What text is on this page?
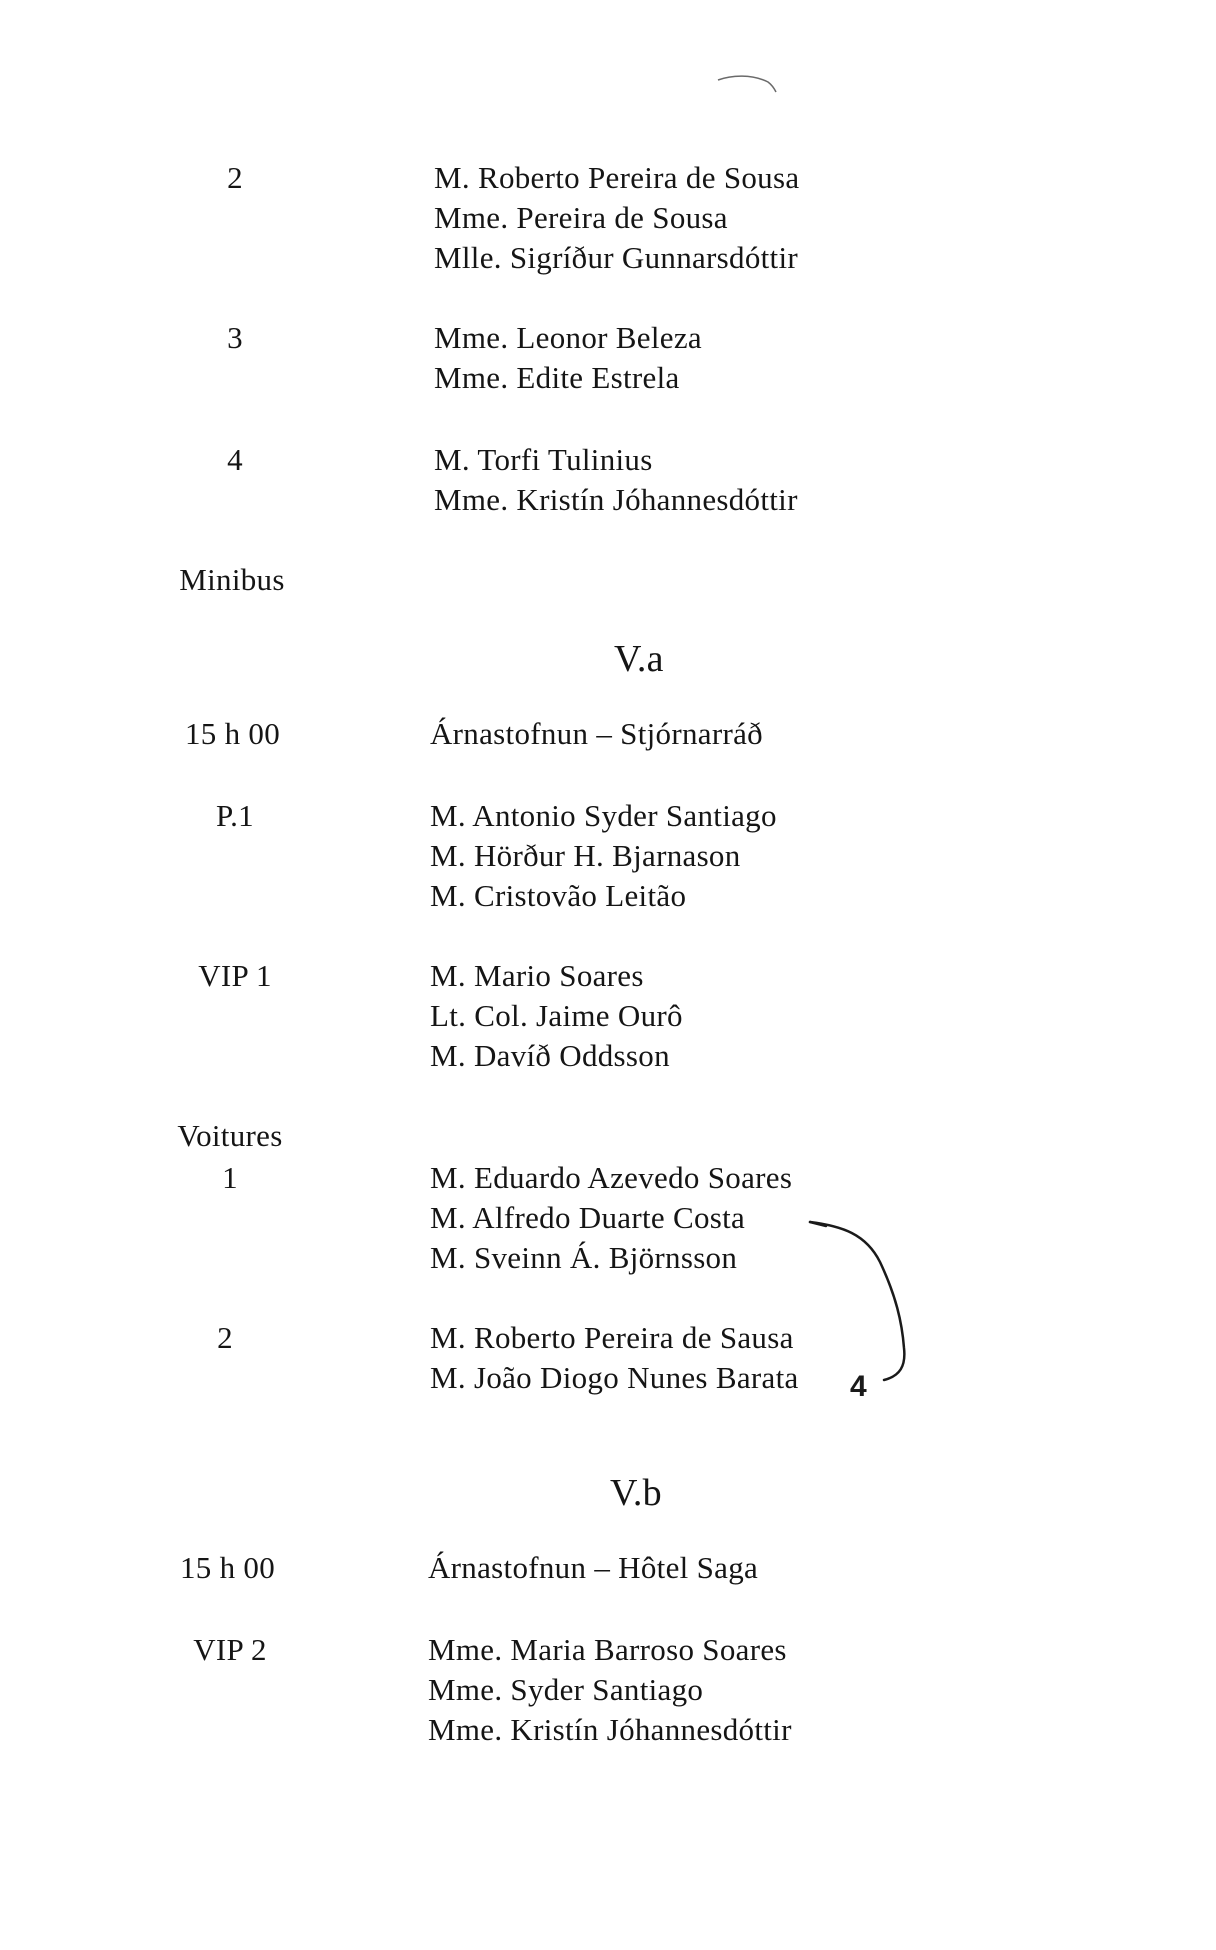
2	M. Roberto Pereira de Sousa
Mme. Pereira de Sousa
Mlle. Sigríður Gunnarsdóttir
3	Mme. Leonor Beleza
Mme. Edite Estrela
4	M. Torfi Tulinius
Mme. Kristín Jóhannesdóttir
Minibus
V.a
15 h 00	Árnastofnun – Stjórnarráð
P.1	M. Antonio Syder Santiago
M. Hörður H. Bjarnason
M. Cristovão Leitão
VIP 1	M. Mario Soares
Lt. Col. Jaime Ourô
M. Davíð Oddsson
Voitures
1	M. Eduardo Azevedo Soares
M. Alfredo Duarte Costa
M. Sveinn Á. Björnsson
2	M. Roberto Pereira de Sausa
M. João Diogo Nunes Barata
V.b
15 h 00	Árnastofnun – Hôtel Saga
VIP 2	Mme. Maria Barroso Soares
Mme. Syder Santiago
Mme. Kristín Jóhannesdóttir
4
